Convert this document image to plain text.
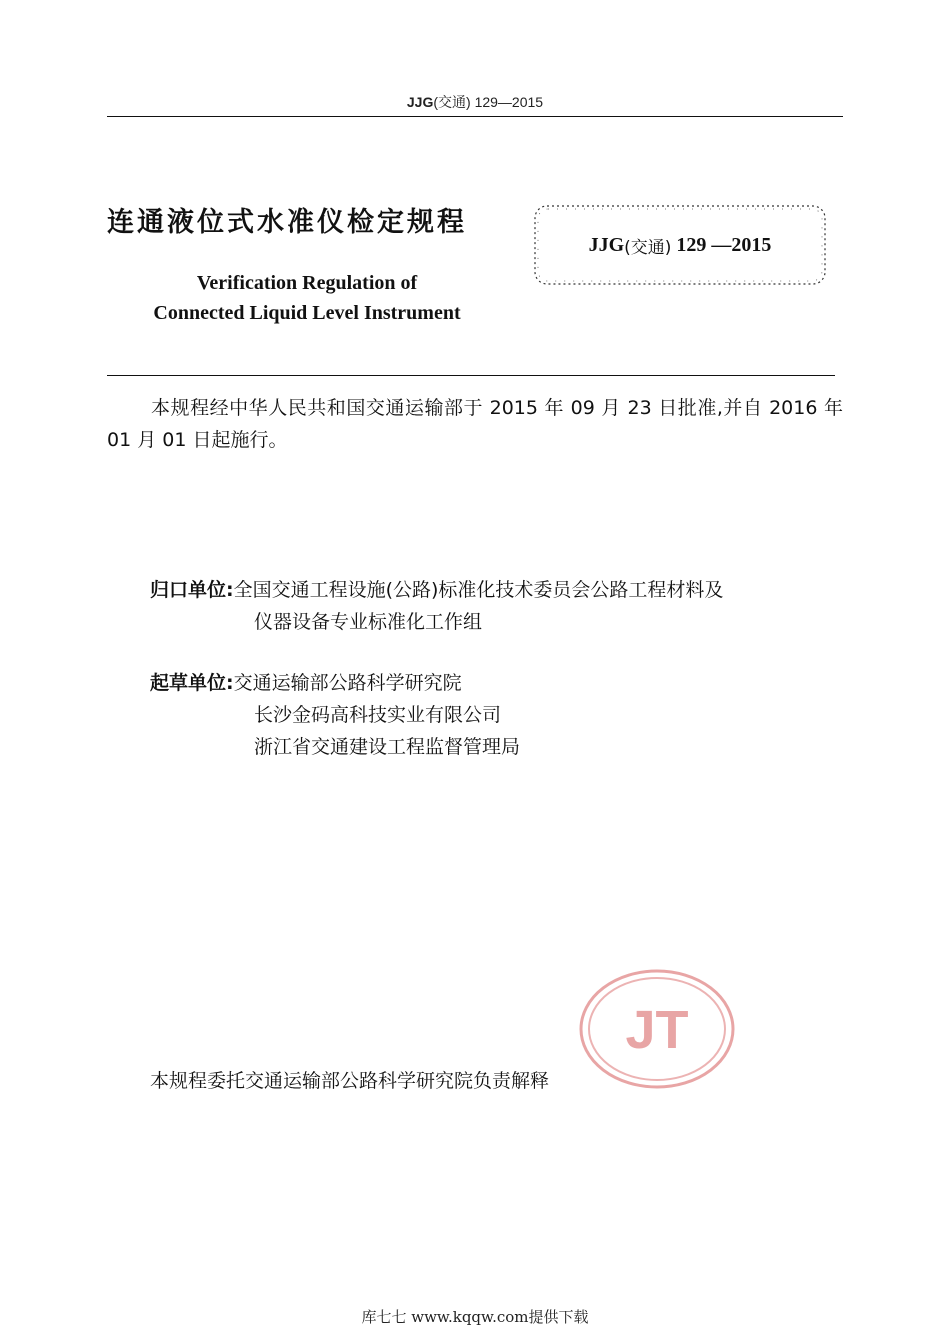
JJG(交通) 129—2015
连通液位式水准仪检定规程
Verification Regulation of
Connected Liquid Level Instrument
JJG (交通)
129 —2015
本规程经中华人民共和国交通运输部于 2015 年 09 月 23 日批准,并自 2016 年 01 月 01 日起施行。
归口单位:全国交通工程设施(公路)标准化技术委员会公路工程材料及
仪器设备专业标准化工作组
起草单位:交通运输部公路科学研究院
长沙金码高科技实业有限公司
浙江省交通建设工程监督管理局
JT
本规程委托交通运输部公路科学研究院负责解释
库七七 www.kqqw.com提供下载
